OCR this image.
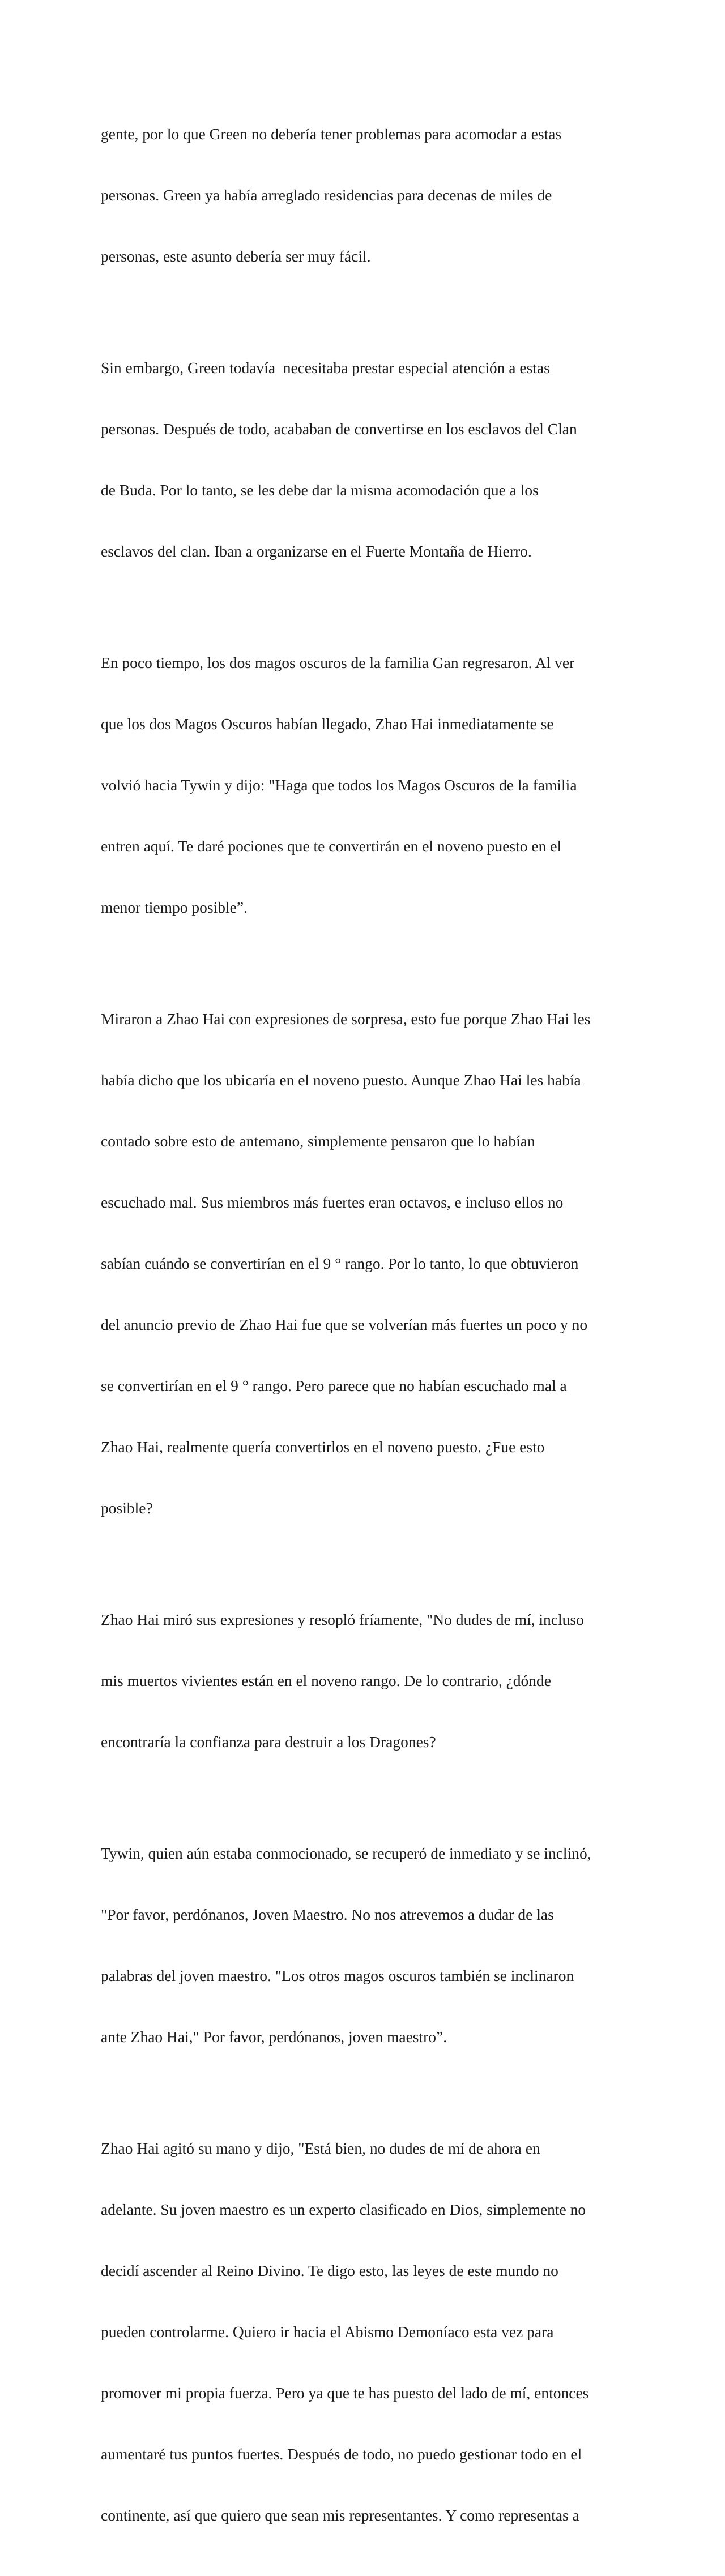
gente, por lo que Green no debería tener problemas para acomodar a estas

personas. Green ya había arreglado residencias para decenas de miles de

personas, este asunto debería ser muy fácil.

Sin embargo, Green todavía  necesitaba prestar especial atención a estas

personas. Después de todo, acababan de convertirse en los esclavos del Clan

de Buda. Por lo tanto, se les debe dar la misma acomodación que a los

esclavos del clan. Iban a organizarse en el Fuerte Montaña de Hierro.

En poco tiempo, los dos magos oscuros de la familia Gan regresaron. Al ver

que los dos Magos Oscuros habían llegado, Zhao Hai inmediatamente se

volvió hacia Tywin y dijo: "Haga que todos los Magos Oscuros de la familia

entren aquí. Te daré pociones que te convertirán en el noveno puesto en el

menor tiempo posible”.

Miraron a Zhao Hai con expresiones de sorpresa, esto fue porque Zhao Hai les

había dicho que los ubicaría en el noveno puesto. Aunque Zhao Hai les había

contado sobre esto de antemano, simplemente pensaron que lo habían

escuchado mal. Sus miembros más fuertes eran octavos, e incluso ellos no

sabían cuándo se convertirían en el 9 ° rango. Por lo tanto, lo que obtuvieron

del anuncio previo de Zhao Hai fue que se volverían más fuertes un poco y no

se convertirían en el 9 ° rango. Pero parece que no habían escuchado mal a

Zhao Hai, realmente quería convertirlos en el noveno puesto. ¿Fue esto

posible?

Zhao Hai miró sus expresiones y resopló fríamente, "No dudes de mí, incluso

mis muertos vivientes están en el noveno rango. De lo contrario, ¿dónde

encontraría la confianza para destruir a los Dragones?

Tywin, quien aún estaba conmocionado, se recuperó de inmediato y se inclinó,

"Por favor, perdónanos, Joven Maestro. No nos atrevemos a dudar de las

palabras del joven maestro. "Los otros magos oscuros también se inclinaron

ante Zhao Hai," Por favor, perdónanos, joven maestro”.

Zhao Hai agitó su mano y dijo, "Está bien, no dudes de mí de ahora en

adelante. Su joven maestro es un experto clasificado en Dios, simplemente no

decidí ascender al Reino Divino. Te digo esto, las leyes de este mundo no

pueden controlarme. Quiero ir hacia el Abismo Demoníaco esta vez para

promover mi propia fuerza. Pero ya que te has puesto del lado de mí, entonces

aumentaré tus puntos fuertes. Después de todo, no puedo gestionar todo en el

continente, así que quiero que sean mis representantes. Y como representas a
